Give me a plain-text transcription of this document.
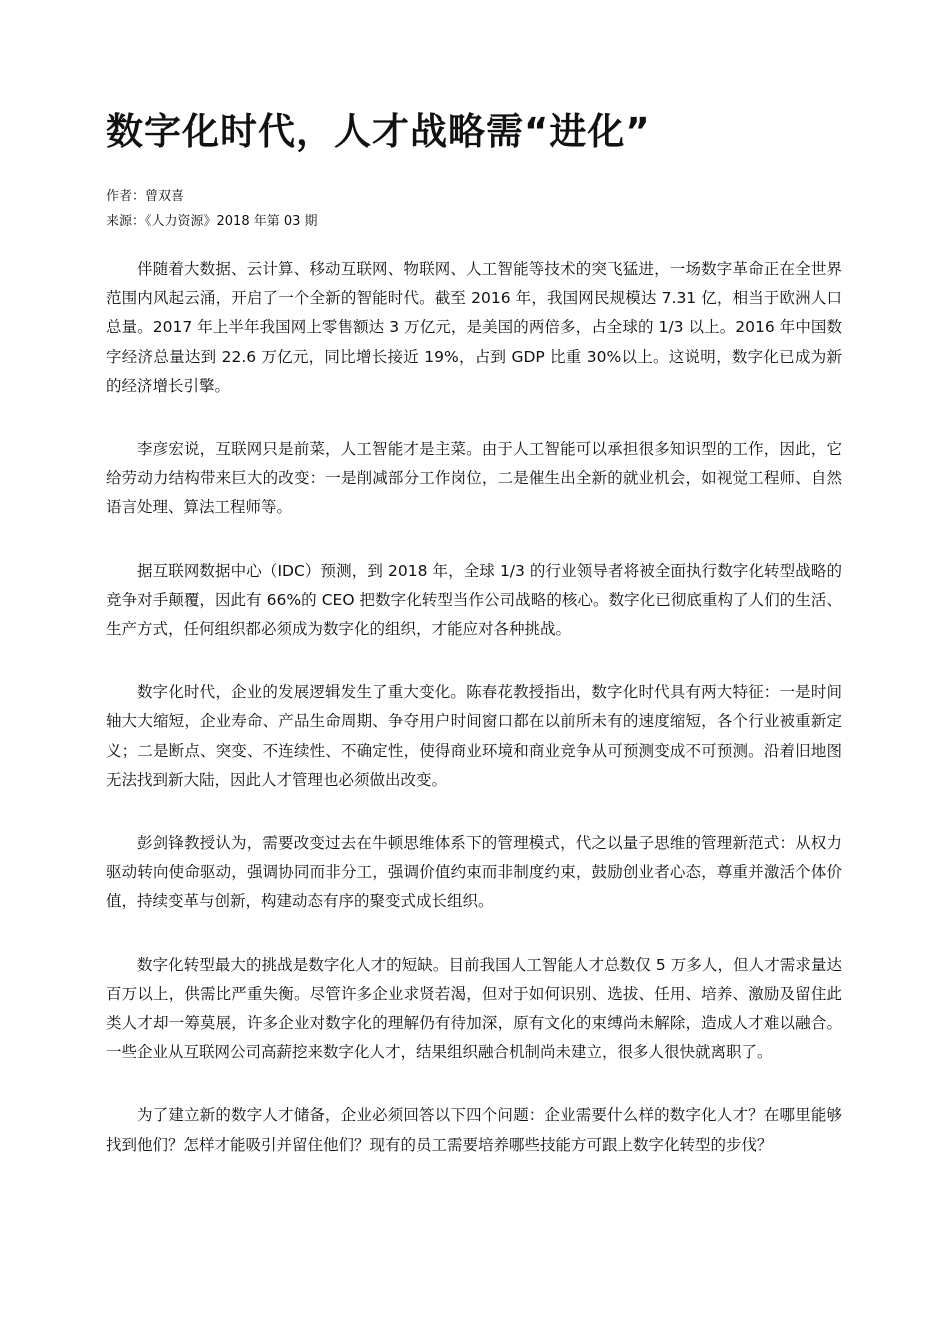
数字化时代，人才战略需“进化”
作者：曾双喜
来源：《人力资源》2018 年第 03 期

伴随着大数据、云计算、移动互联网、物联网、人工智能等技术的突飞猛进，一场数字革命正在全世界范围内风起云涌，开启了一个全新的智能时代。截至 2016 年，我国网民规模达 7.31 亿，相当于欧洲人口总量。2017 年上半年我国网上零售额达 3 万亿元，是美国的两倍多，占全球的 1/3 以上。2016 年中国数字经济总量达到 22.6 万亿元，同比增长接近 19%，占到 GDP 比重 30%以上。这说明，数字化已成为新的经济增长引擎。

李彦宏说，互联网只是前菜，人工智能才是主菜。由于人工智能可以承担很多知识型的工作，因此，它给劳动力结构带来巨大的改变：一是削减部分工作岗位，二是催生出全新的就业机会，如视觉工程师、自然语言处理、算法工程师等。

据互联网数据中心（IDC）预测，到 2018 年，全球 1/3 的行业领导者将被全面执行数字化转型战略的竞争对手颠覆，因此有 66%的 CEO 把数字化转型当作公司战略的核心。数字化已彻底重构了人们的生活、生产方式，任何组织都必须成为数字化的组织，才能应对各种挑战。

数字化时代，企业的发展逻辑发生了重大变化。陈春花教授指出，数字化时代具有两大特征：一是时间轴大大缩短，企业寿命、产品生命周期、争夺用户时间窗口都在以前所未有的速度缩短，各个行业被重新定义；二是断点、突变、不连续性、不确定性，使得商业环境和商业竞争从可预测变成不可预测。沿着旧地图无法找到新大陆，因此人才管理也必须做出改变。

彭剑锋教授认为，需要改变过去在牛顿思维体系下的管理模式，代之以量子思维的管理新范式：从权力驱动转向使命驱动，强调协同而非分工，强调价值约束而非制度约束，鼓励创业者心态，尊重并激活个体价值，持续变革与创新，构建动态有序的聚变式成长组织。

数字化转型最大的挑战是数字化人才的短缺。目前我国人工智能人才总数仅 5 万多人，但人才需求量达百万以上，供需比严重失衡。尽管许多企业求贤若渴，但对于如何识别、选拔、任用、培养、激励及留住此类人才却一筹莫展，许多企业对数字化的理解仍有待加深，原有文化的束缚尚未解除，造成人才难以融合。一些企业从互联网公司高薪挖来数字化人才，结果组织融合机制尚未建立，很多人很快就离职了。

为了建立新的数字人才储备，企业必须回答以下四个问题：企业需要什么样的数字化人才？在哪里能够找到他们？怎样才能吸引并留住他们？现有的员工需要培养哪些技能方可跟上数字化转型的步伐？
